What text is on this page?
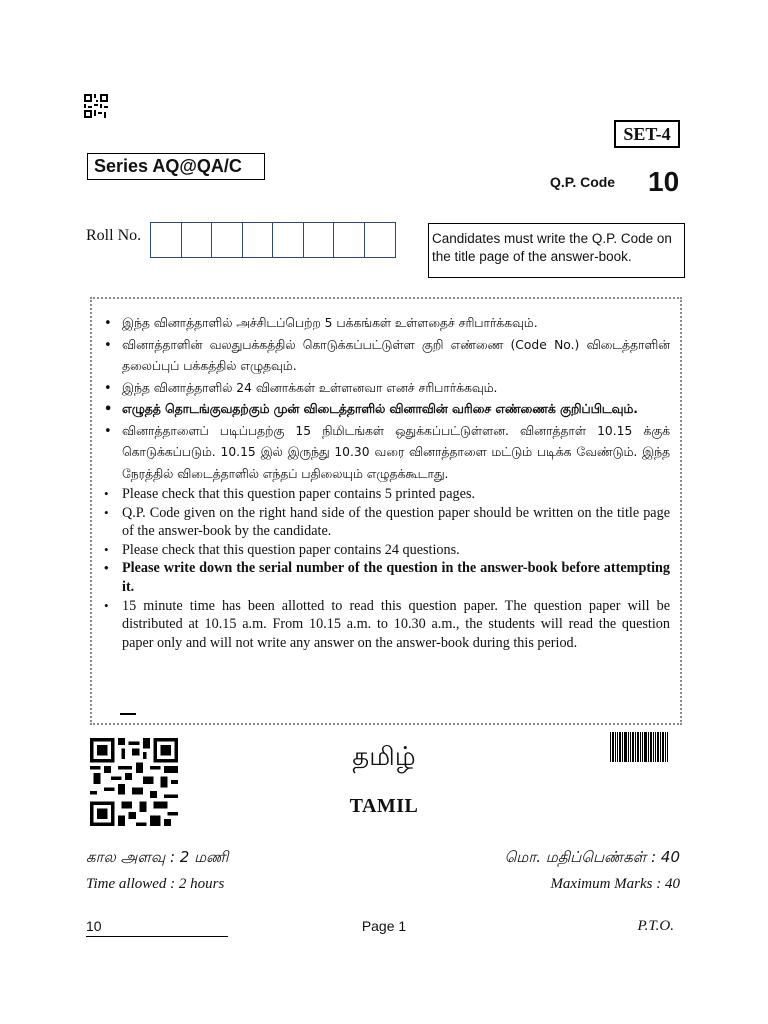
SET-4
Series AQ@QA/C
Q.P. Code 10
Roll No.	Candidates must write the Q.P. Code on the title page of the answer-book.
• இந்த வினாத்தாளில் அச்சிடப்பெற்ற 5 பக்கங்கள் உள்ளதைச் சரிபார்க்கவும்.
• வினாத்தாளின் வலதுபக்கத்தில் கொடுக்கப்பட்டுள்ள குறி எண்ணை (Code No.) விடைத்தாளின் தலைப்புப் பக்கத்தில் எழுதவும்.
• இந்த வினாத்தாளில் 24 வினாக்கள் உள்ளனவா எனச் சரிபார்க்கவும்.
• எழுதத் தொடங்குவதற்கும் முன் விடைத்தாளில் வினாவின் வரிசை எண்ணைக் குறிப்பிடவும்.
• வினாத்தாளைப் படிப்பதற்கு 15 நிமிடங்கள் ஒதுக்கப்பட்டுள்ளன. வினாத்தாள் 10.15 க்குக் கொடுக்கப்படும். 10.15 இல் இருந்து 10.30 வரை வினாத்தாளை மட்டும் படிக்க வேண்டும். இந்த நேரத்தில் விடைத்தாளில் எந்தப் பதிலையும் எழுதக்கூடாது.
• Please check that this question paper contains 5 printed pages.
• Q.P. Code given on the right hand side of the question paper should be written on the title page of the answer-book by the candidate.
• Please check that this question paper contains 24 questions.
• Please write down the serial number of the question in the answer-book before attempting it.
• 15 minute time has been allotted to read this question paper. The question paper will be distributed at 10.15 a.m. From 10.15 a.m. to 10.30 a.m., the students will read the question paper only and will not write any answer on the answer-book during this period.
தமிழ்
TAMIL
கால அளவு : 2 மணி
Time allowed : 2 hours
மொ. மதிப்பெண்கள் : 40
Maximum Marks : 40
10	Page 1	P.T.O.
